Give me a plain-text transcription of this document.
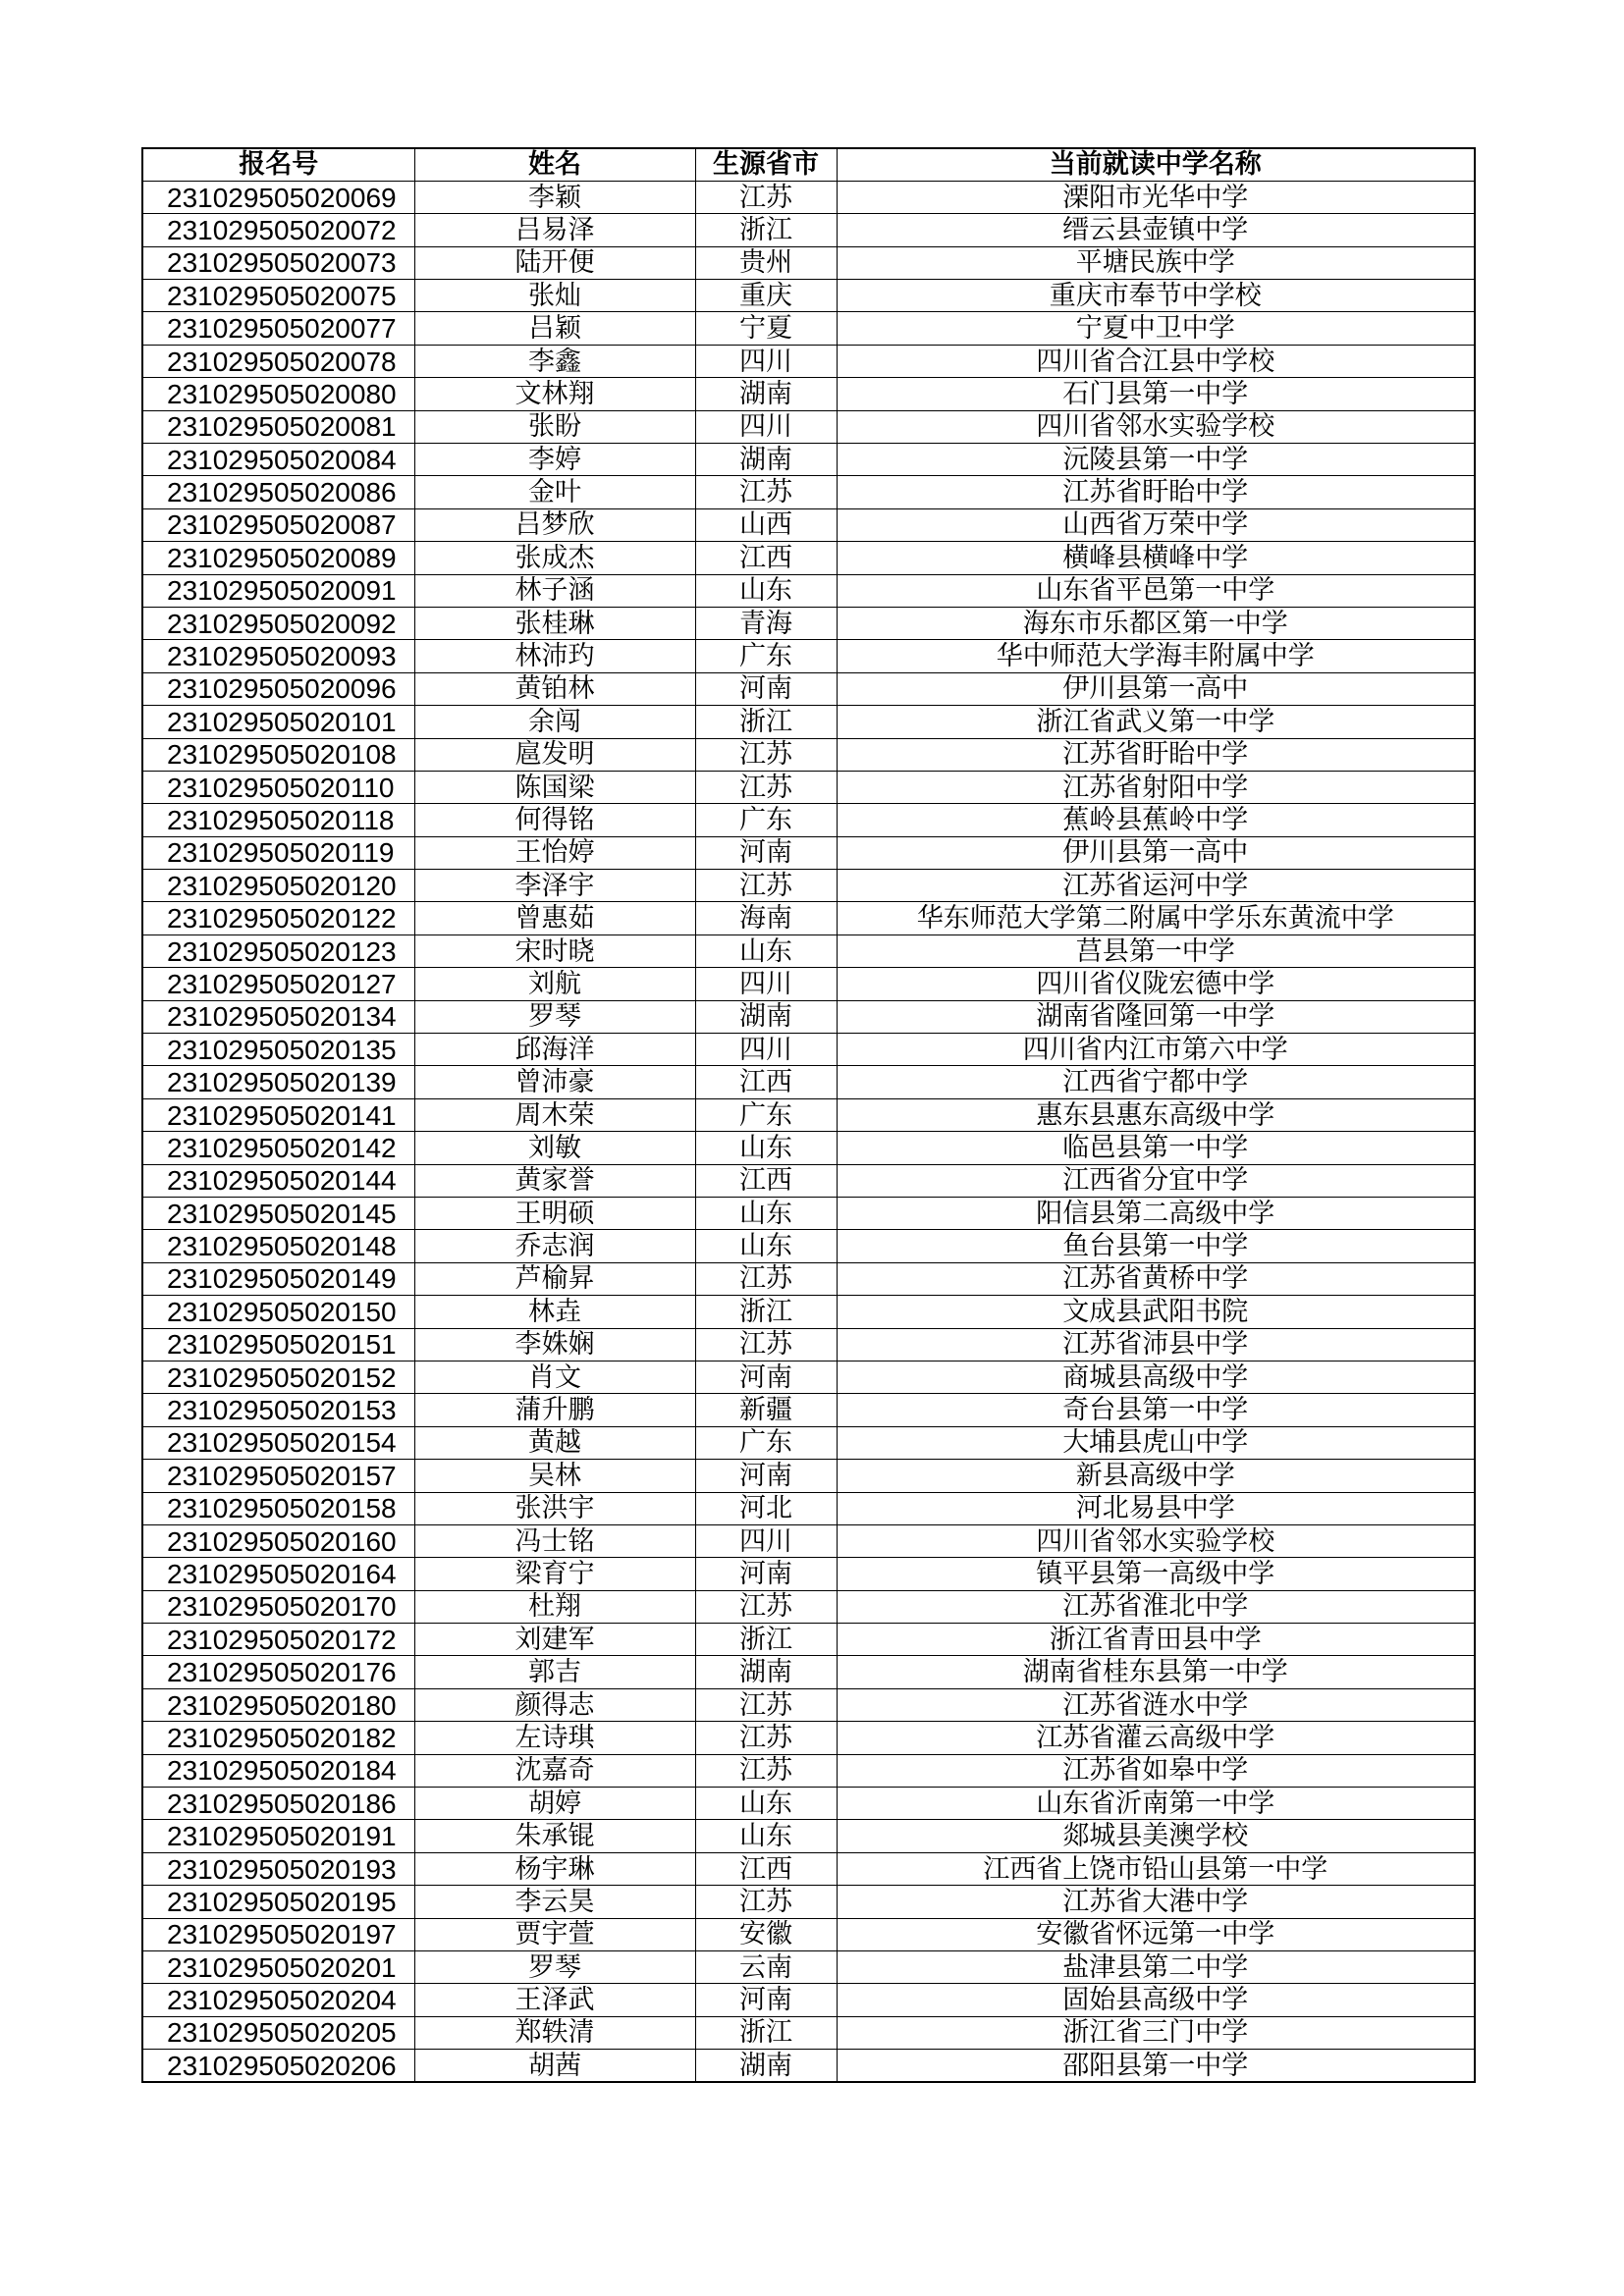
报名号	姓名	生源省市	当前就读中学名称
231029505020069	李颖	江苏	溧阳市光华中学
231029505020072	吕易泽	浙江	缙云县壶镇中学
231029505020073	陆开便	贵州	平塘民族中学
231029505020075	张灿	重庆	重庆市奉节中学校
231029505020077	吕颖	宁夏	宁夏中卫中学
231029505020078	李鑫	四川	四川省合江县中学校
231029505020080	文林翔	湖南	石门县第一中学
231029505020081	张盼	四川	四川省邻水实验学校
231029505020084	李婷	湖南	沅陵县第一中学
231029505020086	金叶	江苏	江苏省盱眙中学
231029505020087	吕梦欣	山西	山西省万荣中学
231029505020089	张成杰	江西	横峰县横峰中学
231029505020091	林子涵	山东	山东省平邑第一中学
231029505020092	张桂琳	青海	海东市乐都区第一中学
231029505020093	林沛玓	广东	华中师范大学海丰附属中学
231029505020096	黄铂林	河南	伊川县第一高中
231029505020101	余闯	浙江	浙江省武义第一中学
231029505020108	扈发明	江苏	江苏省盱眙中学
231029505020110	陈国梁	江苏	江苏省射阳中学
231029505020118	何得铭	广东	蕉岭县蕉岭中学
231029505020119	王怡婷	河南	伊川县第一高中
231029505020120	李泽宇	江苏	江苏省运河中学
231029505020122	曾惠茹	海南	华东师范大学第二附属中学乐东黄流中学
231029505020123	宋时晓	山东	莒县第一中学
231029505020127	刘航	四川	四川省仪陇宏德中学
231029505020134	罗琴	湖南	湖南省隆回第一中学
231029505020135	邱海洋	四川	四川省内江市第六中学
231029505020139	曾沛豪	江西	江西省宁都中学
231029505020141	周木荣	广东	惠东县惠东高级中学
231029505020142	刘敏	山东	临邑县第一中学
231029505020144	黄家誉	江西	江西省分宜中学
231029505020145	王明硕	山东	阳信县第二高级中学
231029505020148	乔志润	山东	鱼台县第一中学
231029505020149	芦榆昇	江苏	江苏省黄桥中学
231029505020150	林垚	浙江	文成县武阳书院
231029505020151	李姝娴	江苏	江苏省沛县中学
231029505020152	肖文	河南	商城县高级中学
231029505020153	蒲升鹏	新疆	奇台县第一中学
231029505020154	黄越	广东	大埔县虎山中学
231029505020157	吴林	河南	新县高级中学
231029505020158	张洪宇	河北	河北易县中学
231029505020160	冯士铭	四川	四川省邻水实验学校
231029505020164	梁育宁	河南	镇平县第一高级中学
231029505020170	杜翔	江苏	江苏省淮北中学
231029505020172	刘建军	浙江	浙江省青田县中学
231029505020176	郭吉	湖南	湖南省桂东县第一中学
231029505020180	颜得志	江苏	江苏省涟水中学
231029505020182	左诗琪	江苏	江苏省灌云高级中学
231029505020184	沈嘉奇	江苏	江苏省如皋中学
231029505020186	胡婷	山东	山东省沂南第一中学
231029505020191	朱承锟	山东	郯城县美澳学校
231029505020193	杨宇琳	江西	江西省上饶市铅山县第一中学
231029505020195	李云昊	江苏	江苏省大港中学
231029505020197	贾宇萱	安徽	安徽省怀远第一中学
231029505020201	罗琴	云南	盐津县第二中学
231029505020204	王泽武	河南	固始县高级中学
231029505020205	郑轶清	浙江	浙江省三门中学
231029505020206	胡茜	湖南	邵阳县第一中学
